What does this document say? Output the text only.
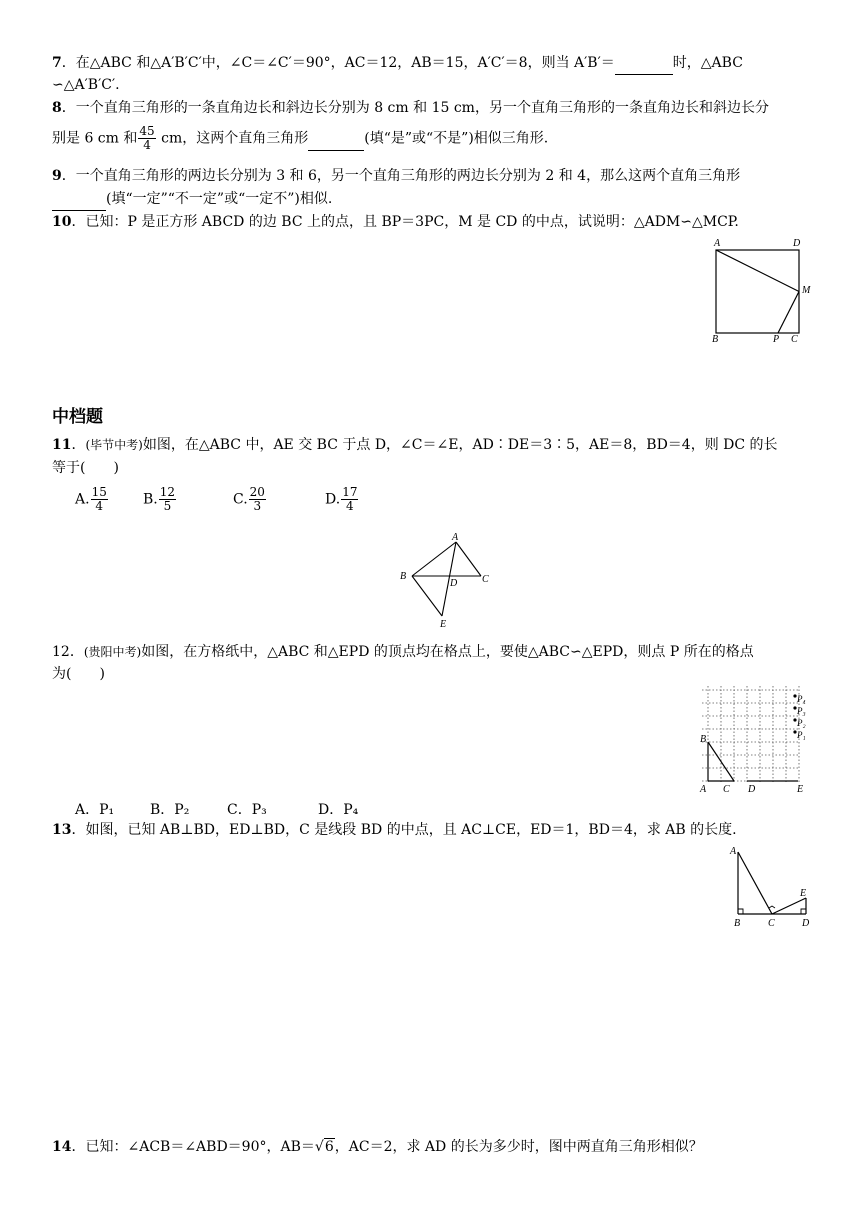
7．在△ABC 和△A′B′C′中，∠C＝∠C′＝90°，AC＝12，AB＝15，A′C′＝8，则当 A′B′＝	时，△ABC
∽△A′B′C′.
8．一个直角三角形的一条直角边长和斜边长分别为 8 cm 和 15 cm，另一个直角三角形的一条直角边长和斜边长分
别是 6 cm 和 $\frac{45}{4}$ cm，这两个直角三角形	(填“是”或“不是”)相似三角形.
9．一个直角三角形的两边长分别为 3 和 6，另一个直角三角形的两边长分别为 2 和 4，那么这两个直角三角形
(填“一定”“不一定”或“一定不”)相似.
10．已知：P 是正方形 ABCD 的边 BC 上的点，且 BP＝3PC，M 是 CD 的中点，试说明：△ADM∽△MCP.
A	D
M
B	P C
中档题
11．(毕节中考)如图，在△ABC 中，AE 交 BC 于点 D，∠C＝∠E，AD∶DE＝3∶5，AE＝8，BD＝4，则 DC 的长
等于(　　)
A. $\frac{15}{4}$	B. $\frac{12}{5}$	C. $\frac{20}{3}$	D. $\frac{17}{4}$
A
B
D C
E
12．(贵阳中考)如图，在方格纸中，△ABC 和△EPD 的顶点均在格点上，要使△ABC∽△EPD，则点 P 所在的格点
为(　　)
P₄
P₃
P₂
P₁
B
A C D	E
A．P₁	B．P₂	C．P₃	D．P₄
13．如图，已知 AB⊥BD，ED⊥BD，C 是线段 BD 的中点，且 AC⊥CE，ED＝1，BD＝4，求 AB 的长度.
A
E
B	C	D
14．已知：∠ACB＝∠ABD＝90°，AB＝√6，AC＝2，求 AD 的长为多少时，图中两直角三角形相似？
